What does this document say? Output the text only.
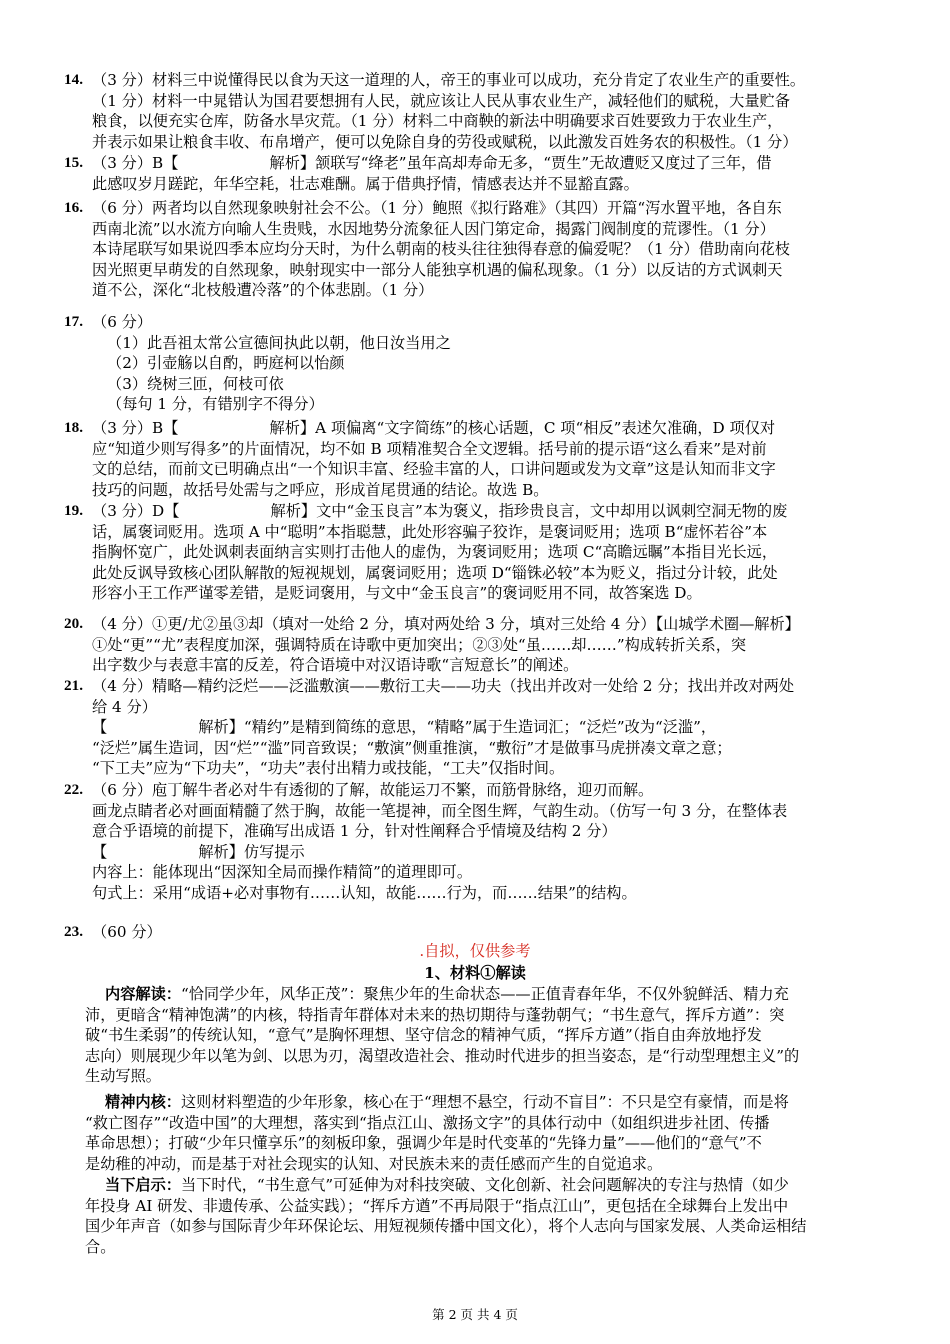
14. （3 分）材料三中说懂得民以食为天这一道理的人，帝王的事业可以成功，充分肯定了农业生产的重要性。
（1 分）材料一中晁错认为国君要想拥有人民，就应该让人民从事农业生产，减轻他们的赋税，大量贮备
粮食，以便充实仓库，防备水旱灾荒。（1 分）材料二中商鞅的新法中明确要求百姓要致力于农业生产，
并表示如果让粮食丰收、布帛增产，便可以免除自身的劳役或赋税，以此激发百姓务农的积极性。（1 分）
15. （3 分）B【　　　　　　解析】颔联写“绛老”虽年高却寿命无多，“贾生”无故遭贬又度过了三年，借
此感叹岁月蹉跎，年华空耗，壮志难酬。属于借典抒情，情感表达并不显豁直露。
16. （6 分）两者均以自然现象映射社会不公。（1 分）鲍照《拟行路难》（其四）开篇“泻水置平地，各自东
西南北流”以水流方向喻人生贵贱，水因地势分流象征人因门第定命，揭露门阀制度的荒谬性。（1 分）
本诗尾联写如果说四季本应均分天时，为什么朝南的枝头往往独得春意的偏爱呢？（1 分）借助南向花枝
因光照更早萌发的自然现象，映射现实中一部分人能独享机遇的偏私现象。（1 分）以反诘的方式讽刺天
道不公，深化“北枝般遭冷落”的个体悲剧。（1 分）
17. （6 分）
（1）此吾祖太常公宣德间执此以朝，他日汝当用之
（2）引壶觞以自酌，眄庭柯以怡颜
（3）绕树三匝，何枝可依
（每句 1 分，有错别字不得分）
18. （3 分）B【　　　　　　解析】A 项偏离“文字简练”的核心话题，C 项“相反”表述欠准确，D 项仅对
应“知道少则写得多”的片面情况，均不如 B 项精准契合全文逻辑。括号前的提示语“这么看来”是对前
文的总结，而前文已明确点出“一个知识丰富、经验丰富的人，口讲问题或发为文章”这是认知而非文字
技巧的问题，故括号处需与之呼应，形成首尾贯通的结论。故选 B。
19. （3 分）D【　　　　　　解析】文中“金玉良言”本为褒义，指珍贵良言，文中却用以讽刺空洞无物的废
话，属褒词贬用。选项 A 中“聪明”本指聪慧，此处形容骗子狡诈，是褒词贬用；选项 B“虚怀若谷”本
指胸怀宽广，此处讽刺表面纳言实则打击他人的虚伪，为褒词贬用；选项 C“高瞻远瞩”本指目光长远，
此处反讽导致核心团队解散的短视规划，属褒词贬用；选项 D“锱铢必较”本为贬义，指过分计较，此处
形容小王工作严谨零差错，是贬词褒用，与文中“金玉良言”的褒词贬用不同，故答案选 D。
20. （4 分）①更/尤②虽③却（填对一处给 2 分，填对两处给 3 分，填对三处给 4 分）【山城学术圈—解析】
①处“更”“尤”表程度加深，强调特质在诗歌中更加突出；②③处“虽……却……”构成转折关系，突
出字数少与表意丰富的反差，符合语境中对汉语诗歌“言短意长”的阐述。
21. （4 分）精略—精约泛烂——泛滥敷演——敷衍工夫——功夫（找出并改对一处给 2 分；找出并改对两处
给 4 分）
【　　　　　　解析】“精约”是精到简练的意思，“精略”属于生造词汇；“泛烂”改为“泛滥”，
“泛烂”属生造词，因“烂”“滥”同音致误；“敷演”侧重推演，“敷衍”才是做事马虎拼凑文章之意；
“下工夫”应为“下功夫”，“功夫”表付出精力或技能，“工夫”仅指时间。
22. （6 分）庖丁解牛者必对牛有透彻的了解，故能运刀不繁，而筋骨脉络，迎刃而解。
画龙点睛者必对画面精髓了然于胸，故能一笔提神，而全图生辉，气韵生动。（仿写一句 3 分，在整体表
意合乎语境的前提下，准确写出成语 1 分，针对性阐释合乎情境及结构 2 分）
【　　　　　　解析】仿写提示
内容上：能体现出“因深知全局而操作精简”的道理即可。
句式上：采用“成语+必对事物有……认知，故能……行为，而……结果”的结构。
23. （60 分）
.自拟，仅供参考
1、材料①解读
内容解读：“恰同学少年，风华正茂”：聚焦少年的生命状态——正值青春年华，不仅外貌鲜活、精力充
沛，更暗含“精神饱满”的内核，特指青年群体对未来的热切期待与蓬勃朝气；“书生意气，挥斥方遒”：突
破“书生柔弱”的传统认知，“意气”是胸怀理想、坚守信念的精神气质，“挥斥方遒”（指自由奔放地抒发
志向）则展现少年以笔为剑、以思为刃，渴望改造社会、推动时代进步的担当姿态，是“行动型理想主义”的
生动写照。
精神内核：这则材料塑造的少年形象，核心在于“理想不悬空，行动不盲目”：不只是空有豪情，而是将
“救亡图存”“改造中国”的大理想，落实到“指点江山、激扬文字”的具体行动中（如组织进步社团、传播
革命思想）；打破“少年只懂享乐”的刻板印象，强调少年是时代变革的“先锋力量”——他们的“意气”不
是幼稚的冲动，而是基于对社会现实的认知、对民族未来的责任感而产生的自觉追求。
当下启示：当下时代，“书生意气”可延伸为对科技突破、文化创新、社会问题解决的专注与热情（如少
年投身 AI 研发、非遗传承、公益实践）；“挥斥方遒”不再局限于“指点江山”，更包括在全球舞台上发出中
国少年声音（如参与国际青少年环保论坛、用短视频传播中国文化），将个人志向与国家发展、人类命运相结
合。
第 2 页 共 4 页
